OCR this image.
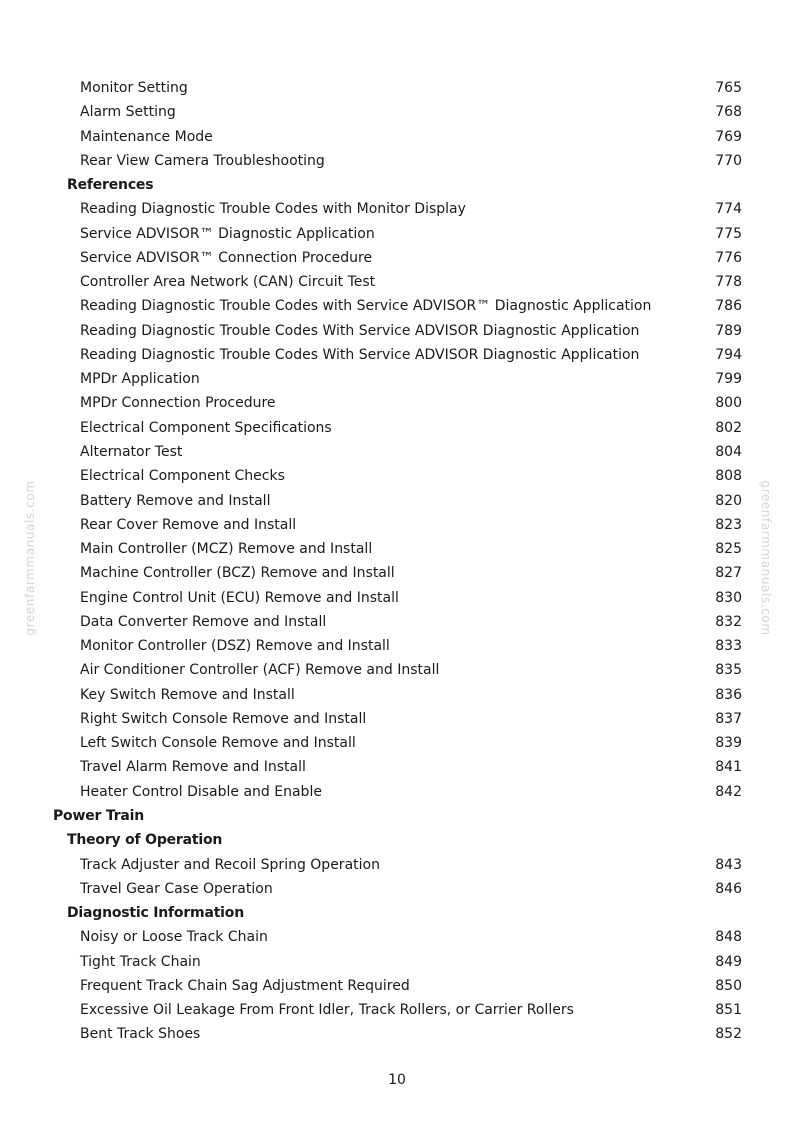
Monitor Setting	765
Alarm Setting	768
Maintenance Mode	769
Rear View Camera Troubleshooting	770
References
Reading Diagnostic Trouble Codes with Monitor Display	774
Service ADVISOR™ Diagnostic Application	775
Service ADVISOR™ Connection Procedure	776
Controller Area Network (CAN) Circuit Test	778
Reading Diagnostic Trouble Codes with Service ADVISOR™ Diagnostic Application	786
Reading Diagnostic Trouble Codes With Service ADVISOR Diagnostic Application	789
Reading Diagnostic Trouble Codes With Service ADVISOR Diagnostic Application	794
MPDr Application	799
MPDr Connection Procedure	800
Electrical Component Specifications	802
Alternator Test	804
Electrical Component Checks	808
Battery Remove and Install	820
Rear Cover Remove and Install	823
Main Controller (MCZ) Remove and Install	825
Machine Controller (BCZ) Remove and Install	827
Engine Control Unit (ECU) Remove and Install	830
Data Converter Remove and Install	832
Monitor Controller (DSZ) Remove and Install	833
Air Conditioner Controller (ACF) Remove and Install	835
Key Switch Remove and Install	836
Right Switch Console Remove and Install	837
Left Switch Console Remove and Install	839
Travel Alarm Remove and Install	841
Heater Control Disable and Enable	842
Power Train
Theory of Operation
Track Adjuster and Recoil Spring Operation	843
Travel Gear Case Operation	846
Diagnostic Information
Noisy or Loose Track Chain	848
Tight Track Chain	849
Frequent Track Chain Sag Adjustment Required	850
Excessive Oil Leakage From Front Idler, Track Rollers, or Carrier Rollers	851
Bent Track Shoes	852
greenfarmmanuals.com	greenfarmmanuals.com
10
